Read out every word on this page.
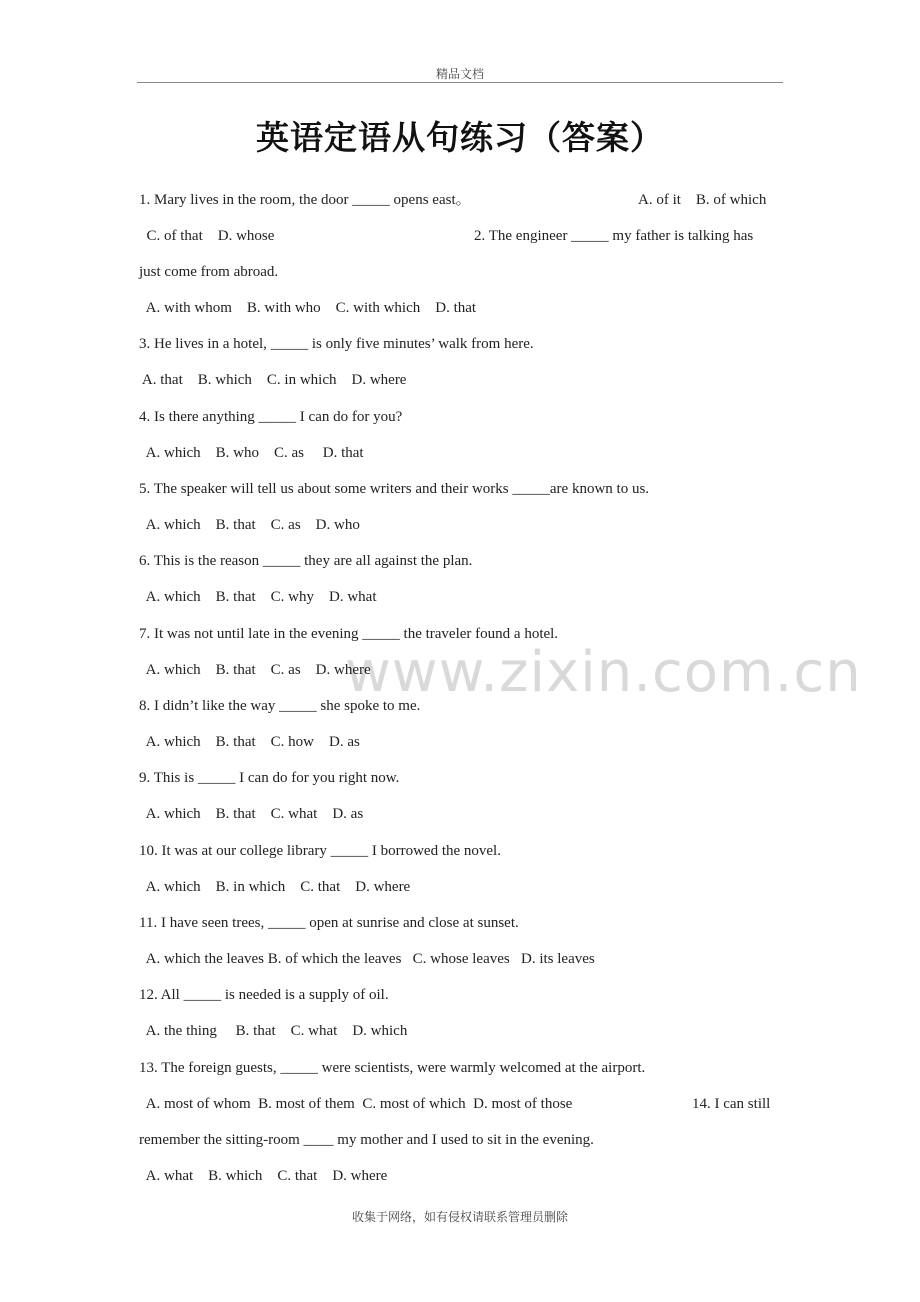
精品文档
英语定语从句练习（答案）
www.zixin.com.cn
1. Mary lives in the room, the door _____ opens east。	A. of it    B. of which
C. of that    D. whose	2. The engineer _____ my father is talking has
just come from abroad.
A. with whom    B. with who    C. with which    D. that
3. He lives in a hotel, _____ is only five minutes’ walk from here.
A. that    B. which    C. in which    D. where
4. Is there anything _____ I can do for you?
A. which    B. who    C. as     D. that
5. The speaker will tell us about some writers and their works _____are known to us.
A. which    B. that    C. as    D. who
6. This is the reason _____ they are all against the plan.
A. which    B. that    C. why    D. what
7. It was not until late in the evening _____ the traveler found a hotel.
A. which    B. that    C. as    D. where
8. I didn’t like the way _____ she spoke to me.
A. which    B. that    C. how    D. as
9. This is _____ I can do for you right now.
A. which    B. that    C. what    D. as
10. It was at our college library _____ I borrowed the novel.
A. which    B. in which    C. that    D. where
11. I have seen trees, _____ open at sunrise and close at sunset.
A. which the leaves B. of which the leaves   C. whose leaves   D. its leaves
12. All _____ is needed is a supply of oil.
A. the thing     B. that    C. what    D. which
13. The foreign guests, _____ were scientists, were warmly welcomed at the airport.
A. most of whom  B. most of them  C. most of which  D. most of those	14. I can still
remember the sitting-room ____ my mother and I used to sit in the evening.
A. what    B. which    C. that    D. where
收集于网络，如有侵权请联系管理员删除
